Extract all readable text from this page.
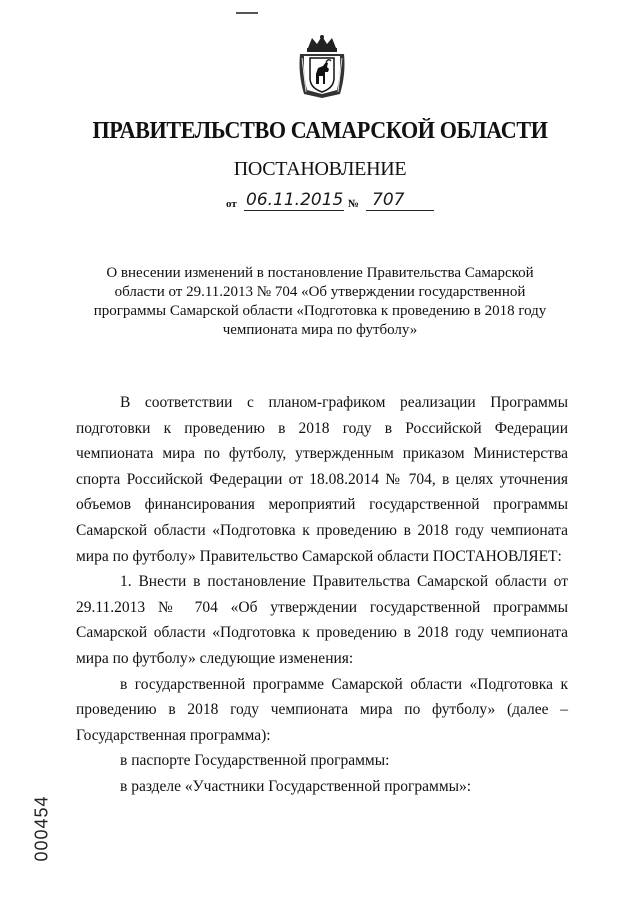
ПРАВИТЕЛЬСТВО САМАРСКОЙ ОБЛАСТИ
ПОСТАНОВЛЕНИЕ
от 06.11.2015 № 707
О внесении изменений в постановление Правительства Самарской области от 29.11.2013 № 704 «Об утверждении государственной программы Самарской области «Подготовка к проведению в 2018 году чемпионата мира по футболу»

В соответствии с планом-графиком реализации Программы подготовки к проведению в 2018 году в Российской Федерации чемпионата мира по футболу, утвержденным приказом Министерства спорта Российской Федерации от 18.08.2014 № 704, в целях уточнения объемов финансирования мероприятий государственной программы Самарской области «Подготовка к проведению в 2018 году чемпионата мира по футболу» Правительство Самарской области ПОСТАНОВЛЯЕТ:

1. Внести в постановление Правительства Самарской области от 29.11.2013 № 704 «Об утверждении государственной программы Самарской области «Подготовка к проведению в 2018 году чемпионата мира по футболу» следующие изменения:

в государственной программе Самарской области «Подготовка к проведению в 2018 году чемпионата мира по футболу» (далее – Государственная программа):

в паспорте Государственной программы:

в разделе «Участники Государственной программы»:

000454
